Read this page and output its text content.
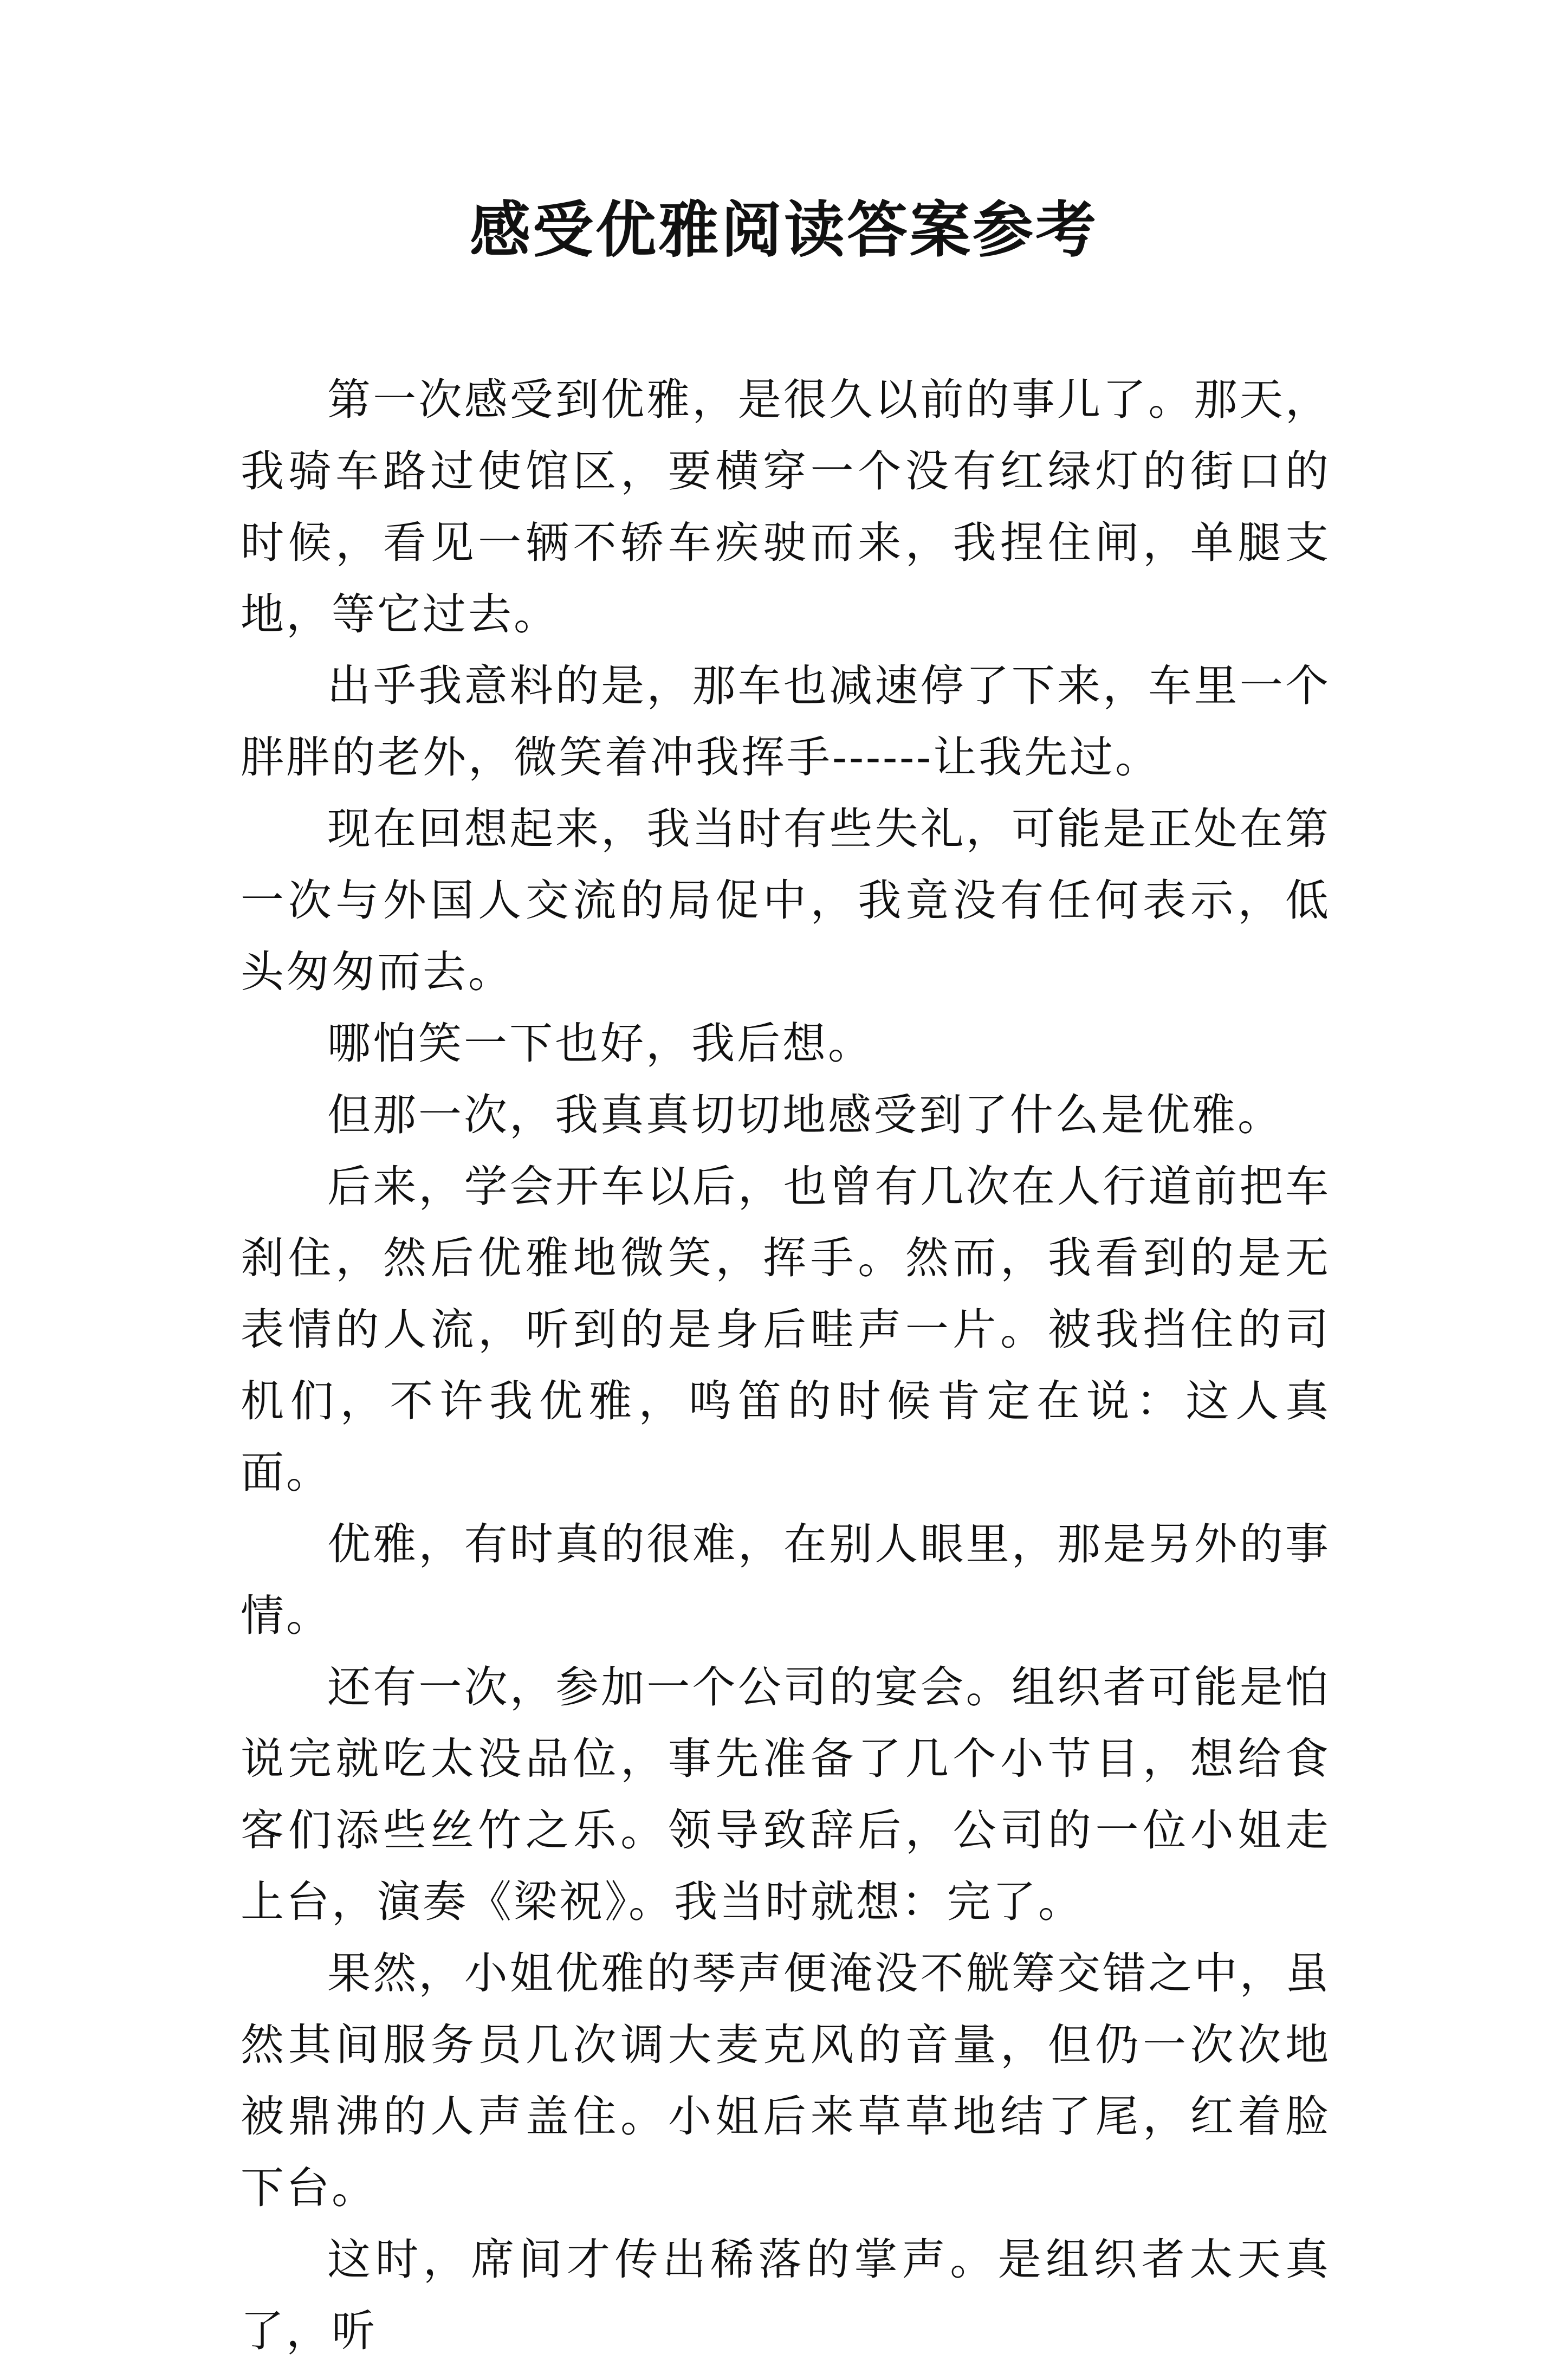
感受优雅阅读答案参考

第一次感受到优雅，是很久以前的事儿了。那天，我骑车路过使馆区，要横穿一个没有红绿灯的街口的时候，看见一辆不轿车疾驶而来，我捏住闸，单腿支地，等它过去。

出乎我意料的是，那车也减速停了下来，车里一个胖胖的老外，微笑着冲我挥手------让我先过。

现在回想起来，我当时有些失礼，可能是正处在第一次与外国人交流的局促中，我竟没有任何表示，低头匆匆而去。

哪怕笑一下也好，我后想。

但那一次，我真真切切地感受到了什么是优雅。

后来，学会开车以后，也曾有几次在人行道前把车刹住，然后优雅地微笑，挥手。然而，我看到的是无表情的人流，听到的是身后畦声一片。被我挡住的司机们，不许我优雅，鸣笛的时候肯定在说：这人真面。

优雅，有时真的很难，在别人眼里，那是另外的事情。

还有一次，参加一个公司的宴会。组织者可能是怕说完就吃太没品位，事先准备了几个小节目，想给食客们添些丝竹之乐。领导致辞后，公司的一位小姐走上台，演奏《梁祝》。我当时就想：完了。

果然，小姐优雅的琴声便淹没不觥筹交错之中，虽然其间服务员几次调大麦克风的音量，但仍一次次地被鼎沸的人声盖住。小姐后来草草地结了尾，红着脸下台。

这时，席间才传出稀落的掌声。是组织者太天真了，听
